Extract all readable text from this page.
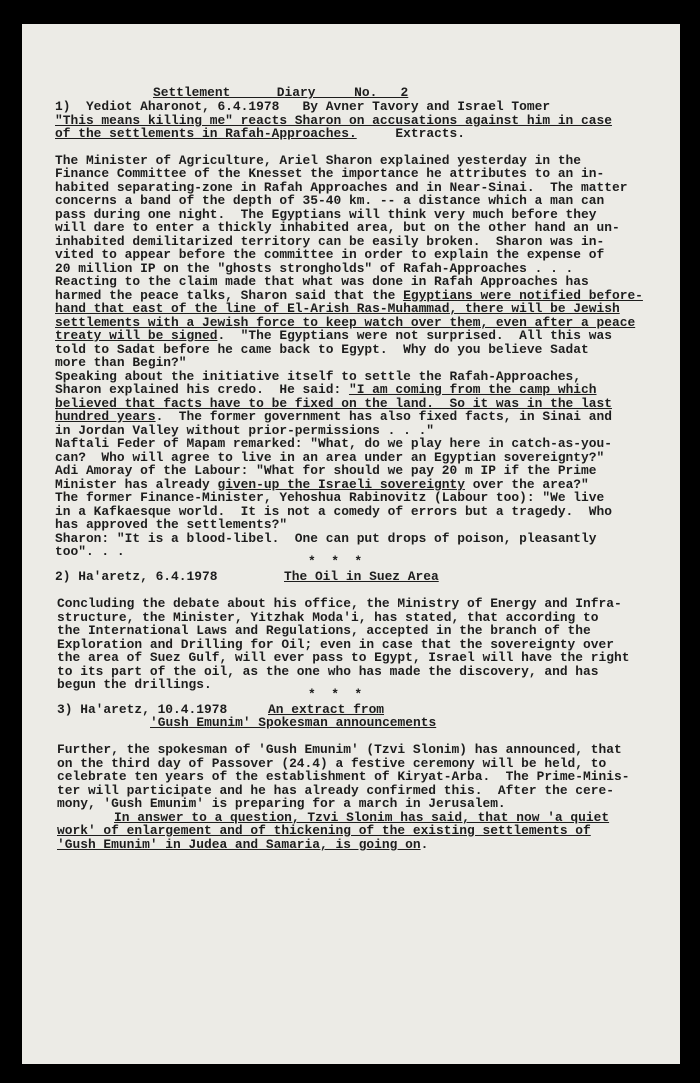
Settlement      Diary     No.   2
1)  Yediot Aharonot, 6.4.1978   By Avner Tavory and Israel Tomer
"This means killing me" reacts Sharon on accusations against him in case
of the settlements in Rafah-Approaches.	Extracts.
The Minister of Agriculture, Ariel Sharon explained yesterday in the
Finance Committee of the Knesset the importance he attributes to an in-
habited separating-zone in Rafah Approaches and in Near-Sinai.  The matter
concerns a band of the depth of 35-40 km. -- a distance which a man can
pass during one night.  The Egyptians will think very much before they
will dare to enter a thickly inhabited area, but on the other hand an un-
inhabited demilitarized territory can be easily broken.  Sharon was in-
vited to appear before the committee in order to explain the expense of
20 million IP on the "ghosts strongholds" of Rafah-Approaches . . .
Reacting to the claim made that what was done in Rafah Approaches has
harmed the peace talks, Sharon said that the Egyptians were notified before-
hand that east of the line of El-Arish Ras-Muhammad, there will be Jewish
settlements with a Jewish force to keep watch over them, even after a peace
treaty will be signed.  "The Egyptians were not surprised.  All this was
told to Sadat before he came back to Egypt.  Why do you believe Sadat
more than Begin?"
Speaking about the initiative itself to settle the Rafah-Approaches,
Sharon explained his credo.  He said: "I am coming from the camp which
believed that facts have to be fixed on the land.  So it was in the last
hundred years.  The former government has also fixed facts, in Sinai and
in Jordan Valley without prior-permissions . . ."
Naftali Feder of Mapam remarked: "What, do we play here in catch-as-you-
can?  Who will agree to live in an area under an Egyptian sovereignty?"
Adi Amoray of the Labour: "What for should we pay 20 m IP if the Prime
Minister has already given-up the Israeli sovereignty over the area?"
The former Finance-Minister, Yehoshua Rabinovitz (Labour too): "We live
in a Kafkaesque world.  It is not a comedy of errors but a tragedy.  Who
has approved the settlements?"
Sharon: "It is a blood-libel.  One can put drops of poison, pleasantly
too". . .
*  *  *
2) Ha'aretz, 6.4.1978	The Oil in Suez Area
Concluding the debate about his office, the Ministry of Energy and Infra-
structure, the Minister, Yitzhak Moda'i, has stated, that according to
the International Laws and Regulations, accepted in the branch of the
Exploration and Drilling for Oil; even in case that the sovereignty over
the area of Suez Gulf, will ever pass to Egypt, Israel will have the right
to its part of the oil, as the one who has made the discovery, and has
begun the drillings.
*  *  *
3) Ha'aretz, 10.4.1978	An extract from
'Gush Emunim' Spokesman announcements
Further, the spokesman of 'Gush Emunim' (Tzvi Slonim) has announced, that
on the third day of Passover (24.4) a festive ceremony will be held, to
celebrate ten years of the establishment of Kiryat-Arba.  The Prime-Minis-
ter will participate and he has already confirmed this.  After the cere-
mony, 'Gush Emunim' is preparing for a march in Jerusalem.
In answer to a question, Tzvi Slonim has said, that now 'a quiet
work' of enlargement and of thickening of the existing settlements of
'Gush Emunim' in Judea and Samaria, is going on.
